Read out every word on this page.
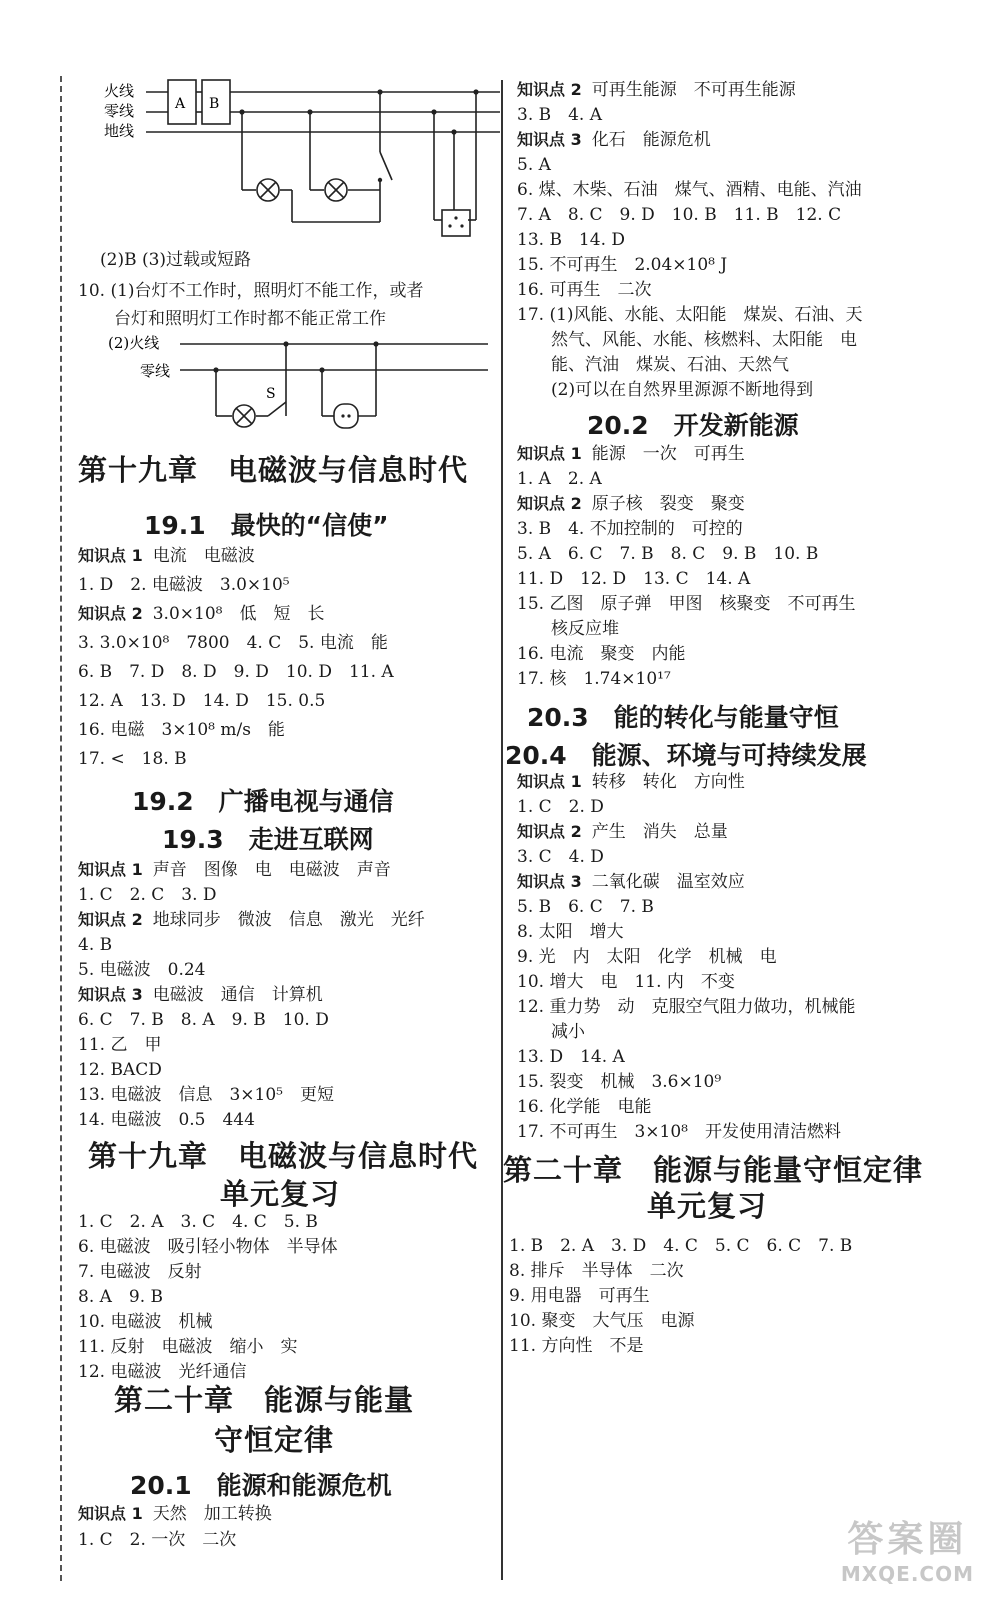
火线
零线
地线
A B
(2)B (3)过载或短路
10. (1)台灯不工作时，照明灯不能工作，或者
台灯和照明灯工作时都不能正常工作
(2)火线
零线
S
第十九章　电磁波与信息时代
19.1　最快的“信使”
知识点 1 电流　电磁波
1. D　2. 电磁波　3.0×10⁵
知识点 2 3.0×10⁸　低　短　长
3. 3.0×10⁸　7800　4. C　5. 电流　能
6. B　7. D　8. D　9. D　10. D　11. A
12. A　13. D　14. D　15. 0.5
16. 电磁　3×10⁸ m/s　能
17. <　18. B
19.2　广播电视与通信
19.3　走进互联网
知识点 1 声音　图像　电　电磁波　声音
1. C　2. C　3. D
知识点 2 地球同步　微波　信息　激光　光纤
4. B
5. 电磁波　0.24
知识点 3 电磁波　通信　计算机
6. C　7. B　8. A　9. B　10. D
11. 乙　甲
12. BACD
13. 电磁波　信息　3×10⁵　更短
14. 电磁波　0.5　444
第十九章　电磁波与信息时代
单元复习
1. C　2. A　3. C　4. C　5. B
6. 电磁波　吸引轻小物体　半导体
7. 电磁波　反射
8. A　9. B
10. 电磁波　机械
11. 反射　电磁波　缩小　实
12. 电磁波　光纤通信
第二十章　能源与能量
守恒定律
20.1　能源和能源危机
知识点 1 天然　加工转换
1. C　2. 一次　二次
知识点 2 可再生能源　不可再生能源
3. B　4. A
知识点 3 化石　能源危机
5. A
6. 煤、木柴、石油　煤气、酒精、电能、汽油
7. A　8. C　9. D　10. B　11. B　12. C
13. B　14. D
15. 不可再生　2.04×10⁸ J
16. 可再生　二次
17. (1)风能、水能、太阳能　煤炭、石油、天
　　然气、风能、水能、核燃料、太阳能　电
　　能、汽油　煤炭、石油、天然气
　　(2)可以在自然界里源源不断地得到
20.2　开发新能源
知识点 1 能源　一次　可再生
1. A　2. A
知识点 2 原子核　裂变　聚变
3. B　4. 不加控制的　可控的
5. A　6. C　7. B　8. C　9. B　10. B
11. D　12. D　13. C　14. A
15. 乙图　原子弹　甲图　核聚变　不可再生
　　核反应堆
16. 电流　聚变　内能
17. 核　1.74×10¹⁷
20.3　能的转化与能量守恒
20.4　能源、环境与可持续发展
知识点 1 转移　转化　方向性
1. C　2. D
知识点 2 产生　消失　总量
3. C　4. D
知识点 3 二氧化碳　温室效应
5. B　6. C　7. B
8. 太阳　增大
9. 光　内　太阳　化学　机械　电
10. 增大　电　11. 内　不变
12. 重力势　动　克服空气阻力做功，机械能
　　减小
13. D　14. A
15. 裂变　机械　3.6×10⁹
16. 化学能　电能
17. 不可再生　3×10⁸　开发使用清洁燃料
第二十章　能源与能量守恒定律
单元复习
1. B　2. A　3. D　4. C　5. C　6. C　7. B
8. 排斥　半导体　二次
9. 用电器　可再生
10. 聚变　大气压　电源
11. 方向性　不是
答案圈
MXQE.COM
